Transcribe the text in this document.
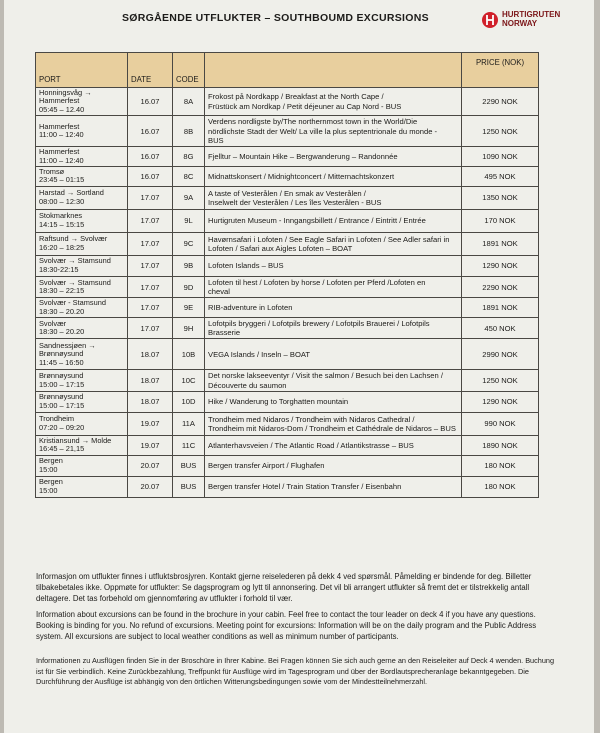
SØRGÅENDE UTFLUKTER – SOUTHBOUMD EXCURSIONS	HURTIGRUTEN
NORWAY
PORT	DATE	CODE		PRICE (NOK)
Honningsvåg → Hammerfest
05:45 – 12.40	16.07	8A	Frokost på Nordkapp / Breakfast at the North Cape /
Früstück am Nordkap / Petit déjeuner au Cap Nord - BUS	2290 NOK
Hammerfest
11:00 – 12:40	16.07	8B	Verdens nordligste by/The northernmost town in the World/Die
nördlichste Stadt der Welt/ La ville la plus septentrionale du monde -
BUS	1250 NOK
Hammerfest
11:00 – 12:40	16.07	8G	Fjelltur – Mountain Hike – Bergwanderung – Randonnée	1090 NOK
Tromsø
23:45 – 01:15	16.07	8C	Midnattskonsert / Midnightconcert / Mitternachtskonzert	495 NOK
Harstad → Sortland
08:00 – 12:30	17.07	9A	A taste of Vesterålen / En smak av Vesterålen /
Inselwelt der Vesterålen / Les îles Vesterålen - BUS	1350 NOK
Stokmarknes
14:15 – 15:15	17.07	9L	Hurtigruten Museum - Inngangsbillett / Entrance / Eintritt / Entrée	170 NOK
Raftsund → Svolvær
16:20 – 18:25	17.07	9C	Havørnsafari i Lofoten / See Eagle Safari in Lofoten / See Adler safari in
Lofoten / Safari aux Aigles Lofoten – BOAT	1891 NOK
Svolvær → Stamsund
18:30-22:15	17.07	9B	Lofoten Islands – BUS	1290 NOK
Svolvær → Stamsund
18:30 – 22:15	17.07	9D	Lofoten til hest / Lofoten by horse / Lofoten per Pferd /Lofoten en
cheval	2290 NOK
Svolvær - Stamsund
18:30 – 20.20	17.07	9E	RIB-adventure in Lofoten	1891 NOK
Svolvær
18:30 – 20.20	17.07	9H	Lofotpils bryggeri / Lofotpils brewery / Lofotpils Brauerei / Lofotpils
Brasserie	450 NOK
Sandnessjøen → Brønnøysund
11:45 – 16:50	18.07	10B	VEGA Islands / Inseln – BOAT	2990 NOK
Brønnøysund
15:00 – 17:15	18.07	10C	Det norske lakseeventyr / Visit the salmon / Besuch bei den Lachsen /
Découverte du saumon	1250 NOK
Brønnøysund
15:00 – 17:15	18.07	10D	Hike / Wanderung to Torghatten mountain	1290 NOK
Trondheim
07:20 – 09:20	19.07	11A	Trondheim med Nidaros / Trondheim with Nidaros Cathedral /
Trondheim mit Nidaros-Dom / Trondheim et Cathédrale de Nidaros – BUS	990 NOK
Kristiansund → Molde
16:45 – 21,15	19.07	11C	Atlanterhavsveien / The Atlantic Road / Atlantikstrasse – BUS	1890 NOK
Bergen
15:00	20.07	BUS	Bergen transfer Airport / Flughafen	180 NOK
Bergen
15:00	20.07	BUS	Bergen transfer Hotel / Train Station Transfer / Eisenbahn	180 NOK

Informasjon om utflukter finnes i utfluktsbrosjyren. Kontakt gjerne reiselederen på dekk 4 ved spørsmål. Påmelding er bindende for deg. Billetter tilbakebetales ikke. Oppmøte for utflukter: Se dagsprogram og lytt til annonsering. Det vil bli arrangert utflukter så fremt det er tilstrekkelig antall deltagere. Det tas forbehold om gjennomføring av utflukter i forhold til vær.

Information about excursions can be found in the brochure in your cabin. Feel free to contact the tour leader on deck 4 if you have any questions. Booking is binding for you. No refund of excursions. Meeting point for excursions: Information will be on the daily program and the Public Address system. All excursions are subject to local weather conditions as well as minimum number of participants.

Informationen zu Ausflügen finden Sie in der Broschüre in Ihrer Kabine. Bei Fragen können Sie sich auch gerne an den Reiseleiter auf Deck 4 wenden. Buchung ist für Sie verbindlich. Keine Zurückbezahlung, Treffpunkt für Ausflüge wird im Tagesprogram und über der Bordlautsprecheranlage bekanntgegeben. Die Durchführung der Ausflüge ist abhängig von den örtlichen Witterungsbedingungen sowie vom der Mindestteilnehmerzahl.
